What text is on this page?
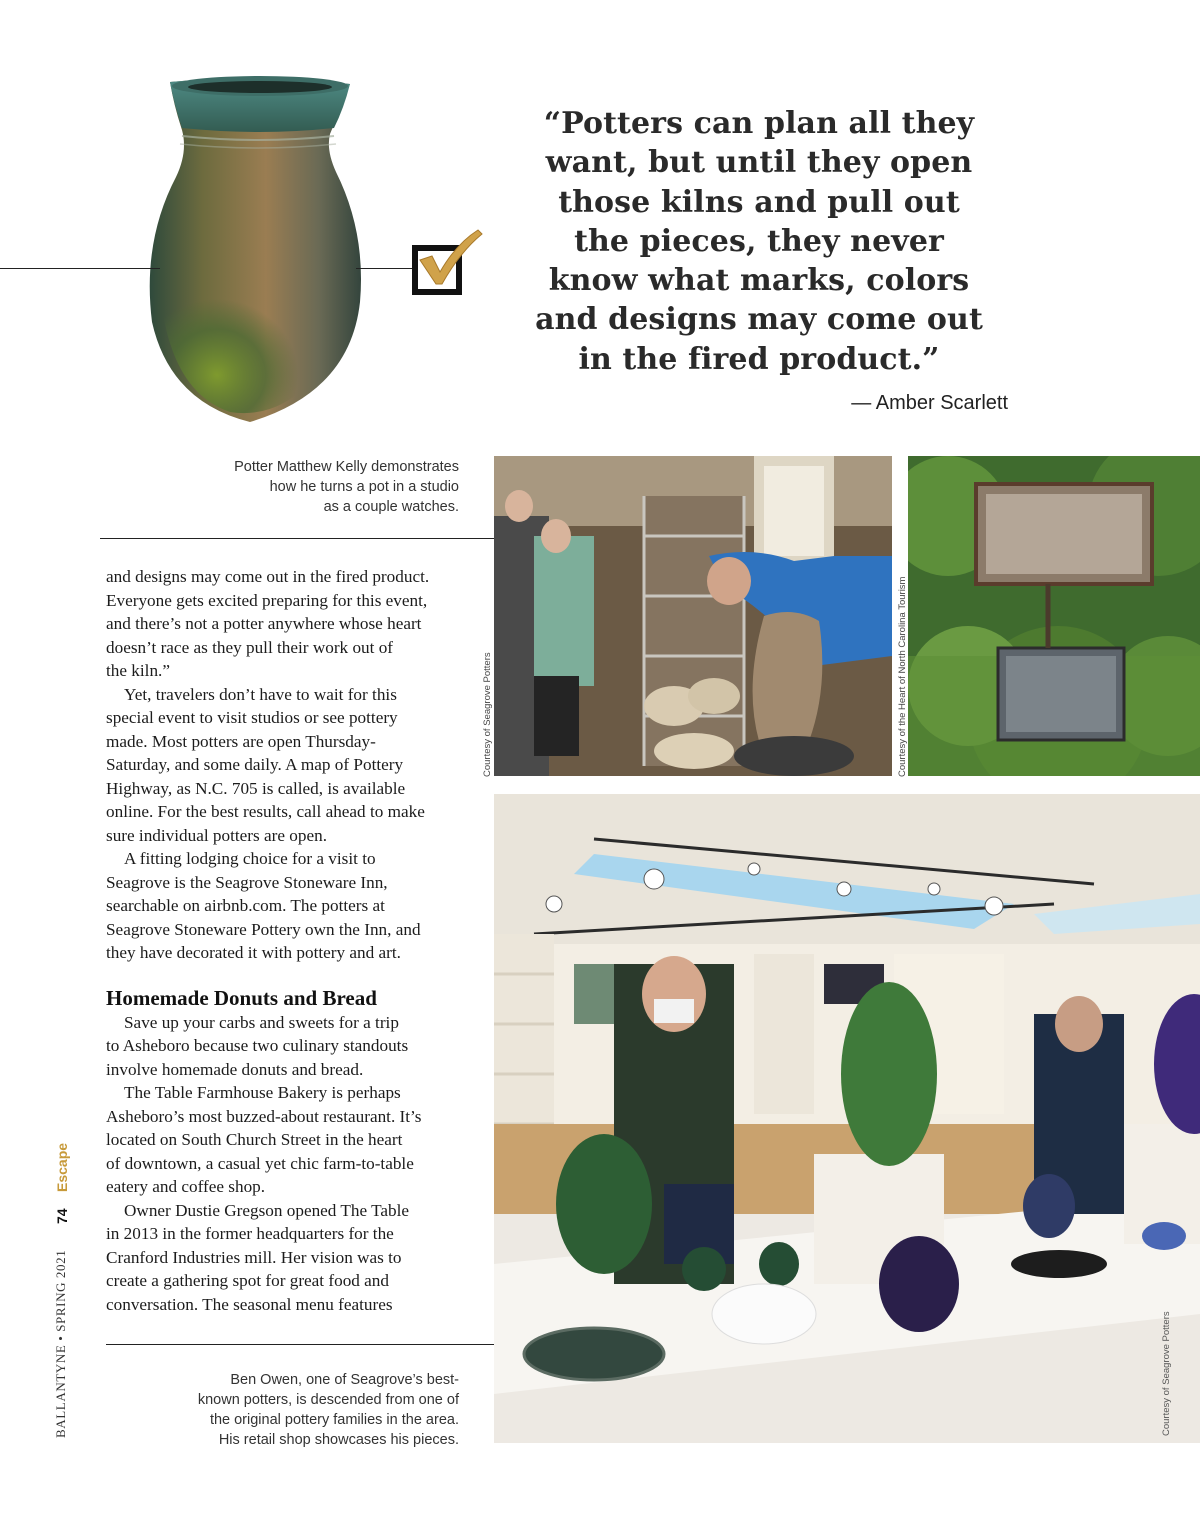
“Potters can plan all they
want, but until they open
those kilns and pull out
the pieces, they never
know what marks, colors
and designs may come out
in the fired product.”
— Amber Scarlett
Potter Matthew Kelly demonstrates
how he turns a pot in a studio
as a couple watches.

and designs may come out in the fired product.
Everyone gets excited preparing for this event,
and there’s not a potter anywhere whose heart
doesn’t race as they pull their work out of
the kiln.”

Yet, travelers don’t have to wait for this
special event to visit studios or see pottery
made. Most potters are open Thursday-
Saturday, and some daily. A map of Pottery
Highway, as N.C. 705 is called, is available
online. For the best results, call ahead to make
sure individual potters are open.

A fitting lodging choice for a visit to
Seagrove is the Seagrove Stoneware Inn,
searchable on airbnb.com. The potters at
Seagrove Stoneware Pottery own the Inn, and
they have decorated it with pottery and art.

Homemade Donuts and Bread

Save up your carbs and sweets for a trip
to Asheboro because two culinary standouts
involve homemade donuts and bread.

The Table Farmhouse Bakery is perhaps
Asheboro’s most buzzed-about restaurant. It’s
located on South Church Street in the heart
of downtown, a casual yet chic farm-to-table
eatery and coffee shop.

Owner Dustie Gregson opened The Table
in 2013 in the former headquarters for the
Cranford Industries mill. Her vision was to
create a gathering spot for great food and
conversation. The seasonal menu features

Ben Owen, one of Seagrove’s best-
known potters, is descended from one of
the original pottery families in the area.
His retail shop showcases his pieces.
Courtesy of Seagrove Potters	Courtesy of the Heart of North Carolina Tourism
Courtesy of Seagrove Potters
Escape
74
BALLANTYNE • SPRING 2021
